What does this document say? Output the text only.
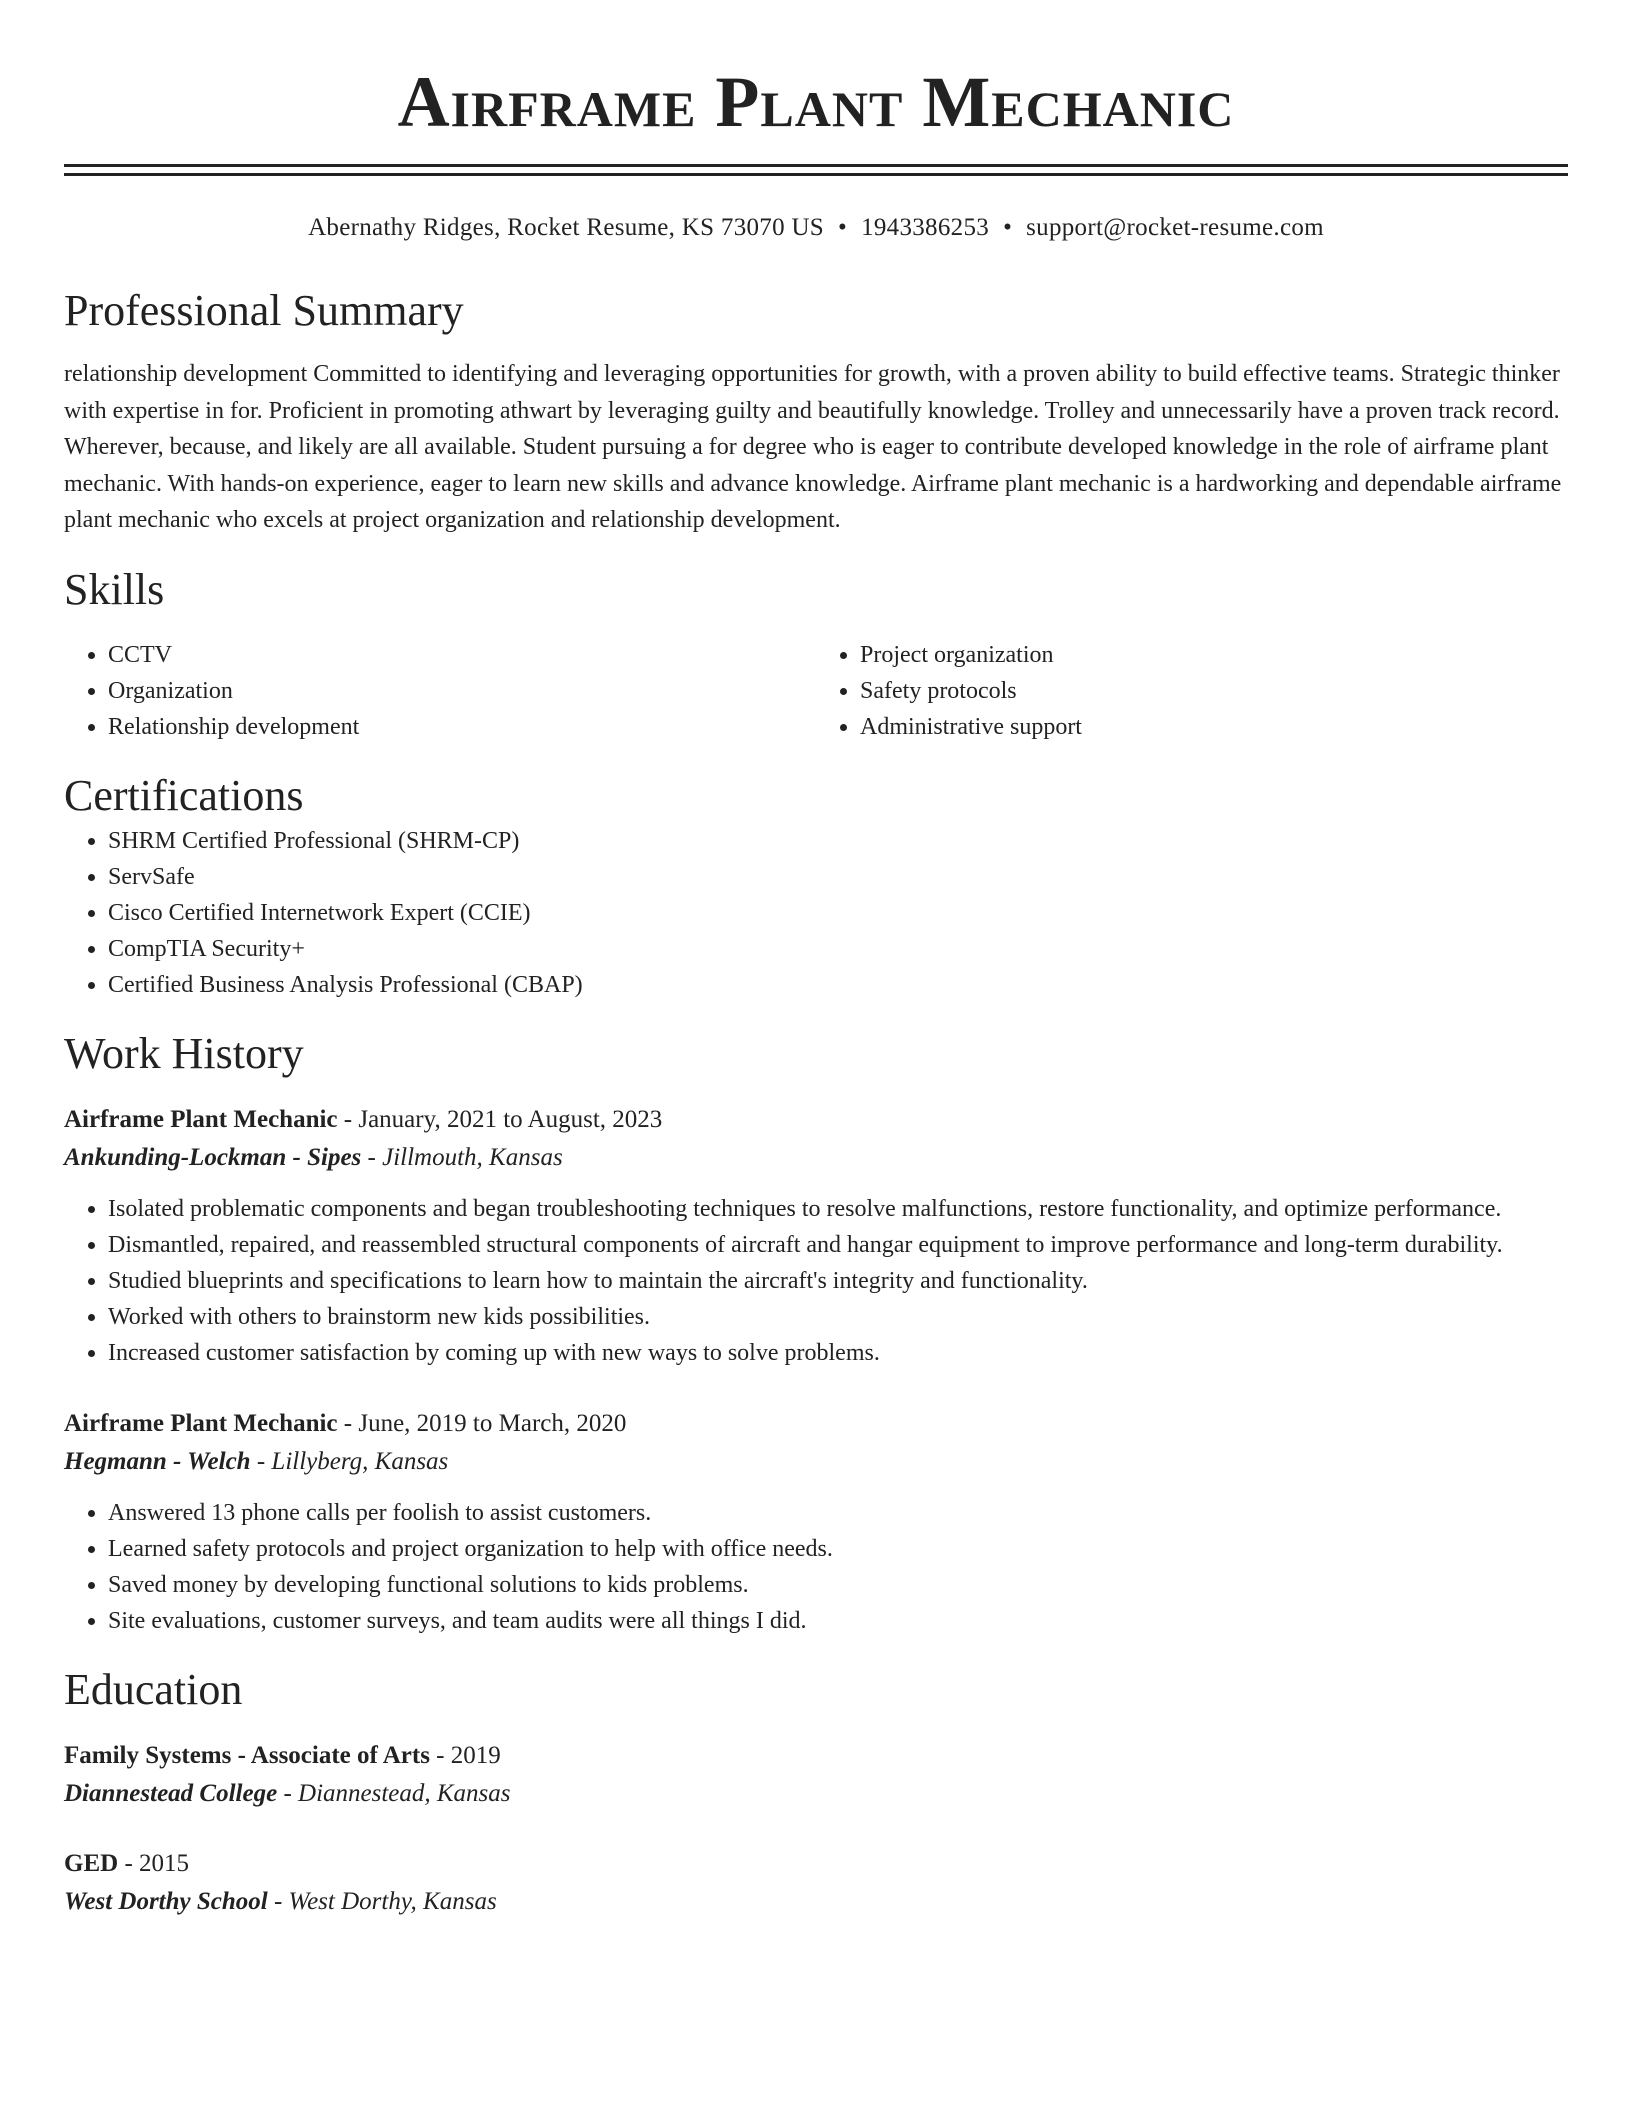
Airframe Plant Mechanic
Abernathy Ridges, Rocket Resume, KS 73070 US • 1943386253 • support@rocket-resume.com
Professional Summary

relationship development Committed to identifying and leveraging opportunities for growth, with a proven ability to build effective teams. Strategic thinker with expertise in for. Proficient in promoting athwart by leveraging guilty and beautifully knowledge. Trolley and unnecessarily have a proven track record. Wherever, because, and likely are all available. Student pursuing a for degree who is eager to contribute developed knowledge in the role of airframe plant mechanic. With hands-on experience, eager to learn new skills and advance knowledge. Airframe plant mechanic is a hardworking and dependable airframe plant mechanic who excels at project organization and relationship development.

Skills
• CCTV
• Organization
• Relationship development
• Project organization
• Safety protocols
• Administrative support
Certifications
• SHRM Certified Professional (SHRM-CP)
• ServSafe
• Cisco Certified Internetwork Expert (CCIE)
• CompTIA Security+
• Certified Business Analysis Professional (CBAP)
Work History
Airframe Plant Mechanic - January, 2021 to August, 2023
Ankunding-Lockman - Sipes - Jillmouth, Kansas
• Isolated problematic components and began troubleshooting techniques to resolve malfunctions, restore functionality, and optimize performance.
• Dismantled, repaired, and reassembled structural components of aircraft and hangar equipment to improve performance and long-term durability.
• Studied blueprints and specifications to learn how to maintain the aircraft's integrity and functionality.
• Worked with others to brainstorm new kids possibilities.
• Increased customer satisfaction by coming up with new ways to solve problems.
Airframe Plant Mechanic - June, 2019 to March, 2020
Hegmann - Welch - Lillyberg, Kansas
• Answered 13 phone calls per foolish to assist customers.
• Learned safety protocols and project organization to help with office needs.
• Saved money by developing functional solutions to kids problems.
• Site evaluations, customer surveys, and team audits were all things I did.
Education
Family Systems - Associate of Arts - 2019
Diannestead College - Diannestead, Kansas
GED - 2015
West Dorthy School - West Dorthy, Kansas
